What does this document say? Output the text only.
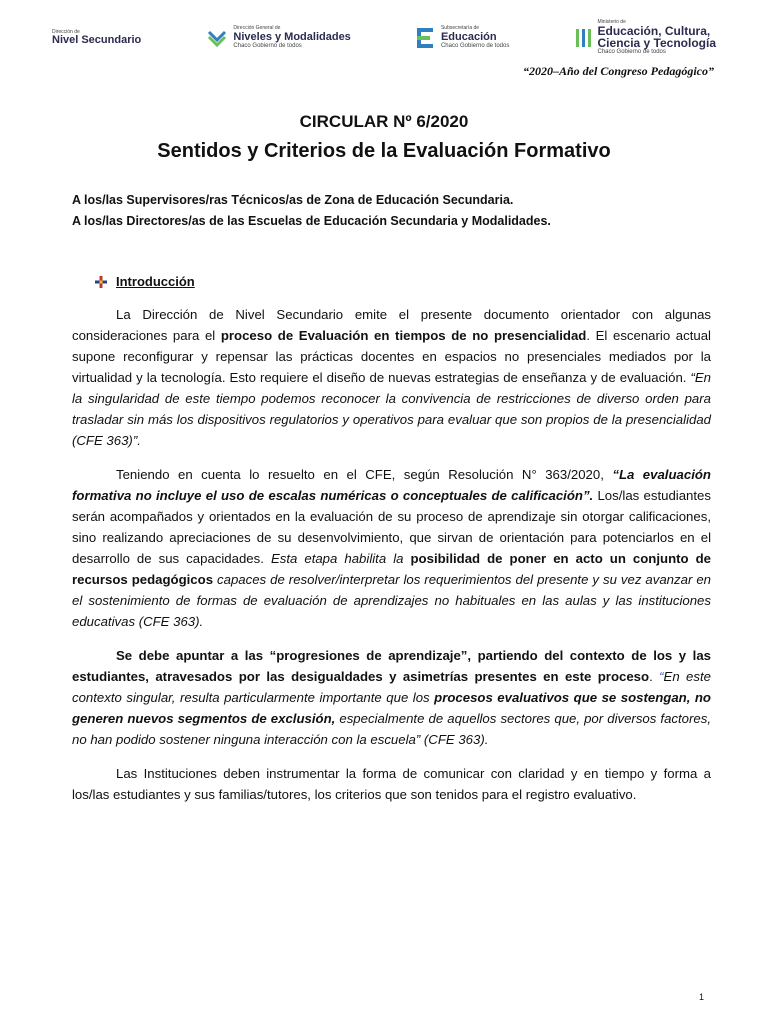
Dirección de
Nivel Secundario
Dirección General de
Niveles y Modalidades
Chaco Gobierno de todos
Subsecretaría de
Educación
Chaco Gobierno de todos
Ministerio de
Educación, Cultura,
Ciencia y Tecnología
Chaco Gobierno de todos
“2020–Año del Congreso Pedagógico”
CIRCULAR Nº 6/2020
Sentidos y Criterios de la Evaluación Formativo
A los/las Supervisores/ras Técnicos/as de Zona de Educación Secundaria.
A los/las Directores/as de las Escuelas de Educación Secundaria y Modalidades.
Introducción

La Dirección de Nivel Secundario emite el presente documento orientador con algunas consideraciones para el proceso de Evaluación en tiempos de no presencialidad. El escenario actual supone reconfigurar y repensar las prácticas docentes en espacios no presenciales mediados por la virtualidad y la tecnología. Esto requiere el diseño de nuevas estrategias de enseñanza y de evaluación. “En la singularidad de este tiempo podemos reconocer la convivencia de restricciones de diverso orden para trasladar sin más los dispositivos regulatorios y operativos para evaluar que son propios de la presencialidad (CFE 363)”.

Teniendo en cuenta lo resuelto en el CFE, según Resolución N° 363/2020, “La evaluación formativa no incluye el uso de escalas numéricas o conceptuales de calificación”. Los/las estudiantes serán acompañados y orientados en la evaluación de su proceso de aprendizaje sin otorgar calificaciones, sino realizando apreciaciones de su desenvolvimiento, que sirvan de orientación para potenciarlos en el desarrollo de sus capacidades. Esta etapa habilita la posibilidad de poner en acto un conjunto de recursos pedagógicos capaces de resolver/interpretar los requerimientos del presente y su vez avanzar en el sostenimiento de formas de evaluación de aprendizajes no habituales en las aulas y las instituciones educativas (CFE 363).

Se debe apuntar a las “progresiones de aprendizaje”, partiendo del contexto de los y las estudiantes, atravesados por las desigualdades y asimetrías presentes en este proceso. “En este contexto singular, resulta particularmente importante que los procesos evaluativos que se sostengan, no generen nuevos segmentos de exclusión, especialmente de aquellos sectores que, por diversos factores, no han podido sostener ninguna interacción con la escuela” (CFE 363).

Las Instituciones deben instrumentar la forma de comunicar con claridad y en tiempo y forma a los/las estudiantes y sus familias/tutores, los criterios que son tenidos para el registro evaluativo.

1
